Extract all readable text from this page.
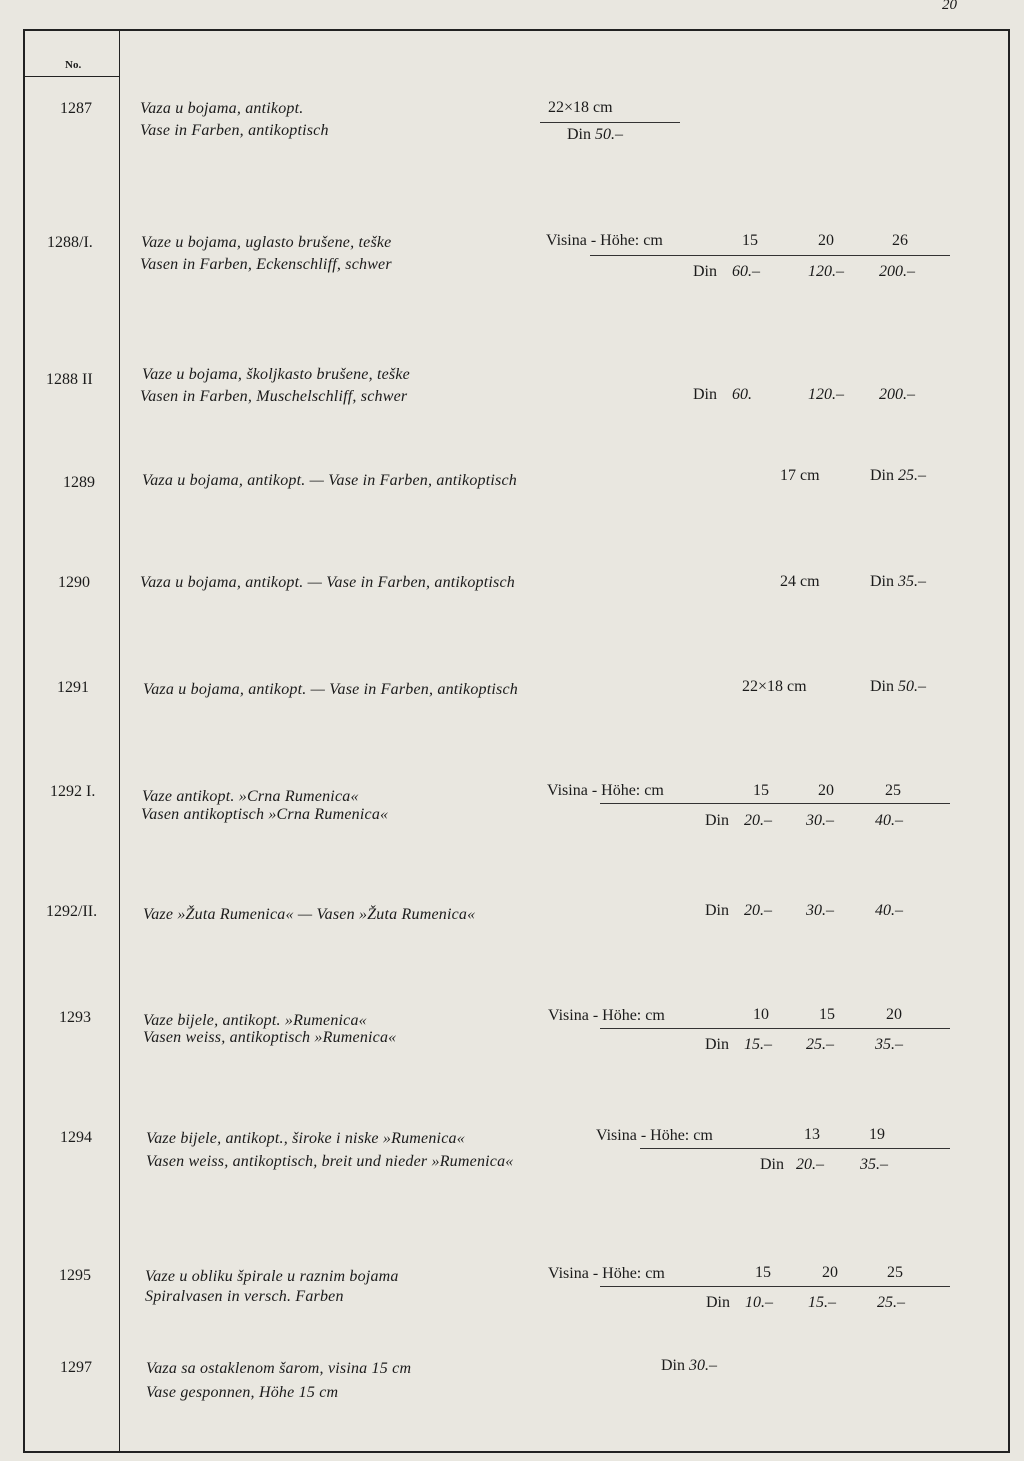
20
No.
1287	Vaza u bojama, antikopt.
Vase in Farben, antikoptisch
22×18 cm
Din 50.–
1288/I.	Vaze u bojama, uglasto brušene, teške
Vasen in Farben, Eckenschliff, schwer
Visina - Höhe: cm	15	20	26
Din 60.–	120.– 200.–
1288 II	Vaze u bojama, školjkasto brušene, teške
Vasen in Farben, Muschelschliff, schwer	Din 60.	120.– 200.–
1289	Vaza u bojama, antikopt. — Vase in Farben, antikoptisch	17 cm	Din 25.–
1290	Vaza u bojama, antikopt. — Vase in Farben, antikoptisch	24 cm	Din 35.–
1291	Vaza u bojama, antikopt. — Vase in Farben, antikoptisch	22×18 cm	Din 50.–
1292 I.	Vaze antikopt. »Crna Rumenica«
Vasen antikoptisch »Crna Rumenica«
Visina - Höhe: cm	15	20	25
Din 20.– 30.–	40.–
1292/II.	Vaze »Žuta Rumenica« — Vasen »Žuta Rumenica«	Din 20.– 30.–	40.–
1293	Vaze bijele, antikopt. »Rumenica«
Vasen weiss, antikoptisch »Rumenica«
Visina - Höhe: cm	10	15	20
Din 15.– 25.–	35.–
1294	Vaze bijele, antikopt., široke i niske »Rumenica«
Vasen weiss, antikoptisch, breit und nieder »Rumenica«
Visina - Höhe: cm	13	19
Din 20.– 35.–
1295	Vaze u obliku špirale u raznim bojama
Spiralvasen in versch. Farben
Visina - Höhe: cm	15	20	25
Din 10.– 15.–	25.–
1297	Vaza sa ostaklenom šarom, visina 15 cm
Vase gesponnen, Höhe 15 cm
Din 30.–
